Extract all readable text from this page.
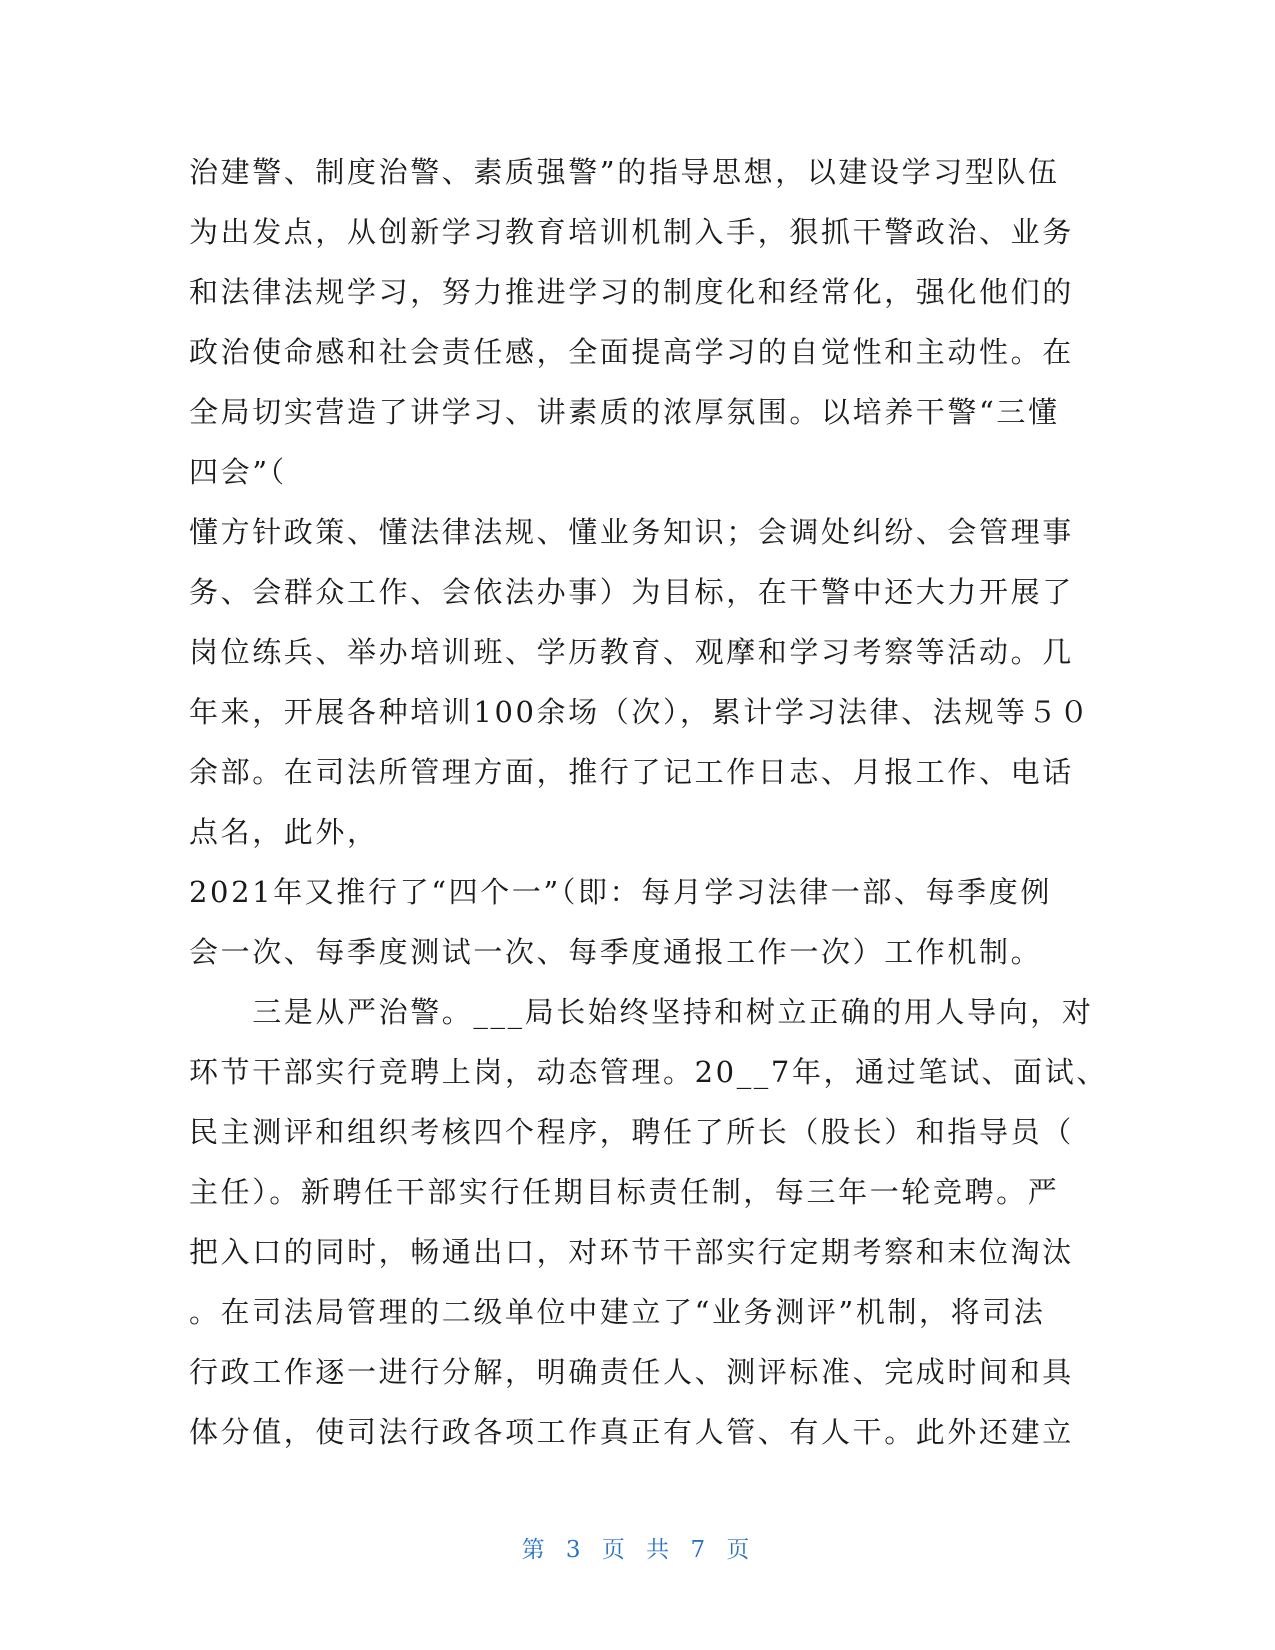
治建警、制度治警、素质强警”的指导思想，以建设学习型队伍
为出发点，从创新学习教育培训机制入手，狠抓干警政治、业务
和法律法规学习，努力推进学习的制度化和经常化，强化他们的
政治使命感和社会责任感，全面提高学习的自觉性和主动性。在
全局切实营造了讲学习、讲素质的浓厚氛围。以培养干警“三懂
四会”（
懂方针政策、懂法律法规、懂业务知识；会调处纠纷、会管理事
务、会群众工作、会依法办事）为目标，在干警中还大力开展了
岗位练兵、举办培训班、学历教育、观摩和学习考察等活动。几
年来，开展各种培训100余场（次），累计学习法律、法规等５０
余部。在司法所管理方面，推行了记工作日志、月报工作、电话
点名，此外，
2021年又推行了“四个一”（即：每月学习法律一部、每季度例
会一次、每季度测试一次、每季度通报工作一次）工作机制。
　　三是从严治警。___局长始终坚持和树立正确的用人导向，对
环节干部实行竞聘上岗，动态管理。20__7年，通过笔试、面试、
民主测评和组织考核四个程序，聘任了所长（股长）和指导员（
主任）。新聘任干部实行任期目标责任制，每三年一轮竞聘。严
把入口的同时，畅通出口，对环节干部实行定期考察和末位淘汰
。在司法局管理的二级单位中建立了“业务测评”机制，将司法
行政工作逐一进行分解，明确责任人、测评标准、完成时间和具
体分值，使司法行政各项工作真正有人管、有人干。此外还建立
第 3 页 共 7 页
